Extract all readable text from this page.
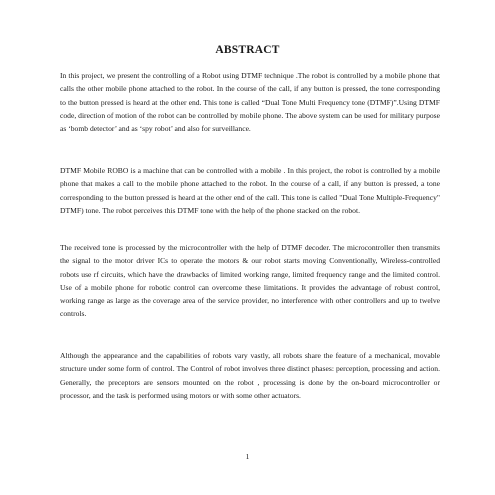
ABSTRACT

In this project, we present the controlling of a Robot using DTMF technique .The robot is controlled by a mobile phone that calls the other mobile phone attached to the robot. In the course of the call, if any button is pressed, the tone corresponding to the button pressed is heard at the other end. This tone is called “Dual Tone Multi Frequency tone (DTMF)”.Using DTMF code, direction of motion of the robot can be controlled by mobile phone. The above system can be used for military purpose as ‘bomb detector’ and as ‘spy robot’ and also for surveillance.

DTMF Mobile ROBO is a machine that can be controlled with a mobile . In this project, the robot is controlled by a mobile phone that makes a call to the mobile phone attached to the robot. In the course of a call, if any button is pressed, a tone corresponding to the button pressed is heard at the other end of the call. This tone is called "Dual Tone Multiple-Frequency" DTMF) tone. The robot perceives this DTMF tone with the help of the phone stacked on the robot.

The received tone is processed by the microcontroller with the help of DTMF decoder. The microcontroller then transmits the signal to the motor driver ICs to operate the motors & our robot starts moving Conventionally, Wireless-controlled robots use rf circuits, which have the drawbacks of limited working range, limited frequency range and the limited control. Use of a mobile phone for robotic control can overcome these limitations. It provides the advantage of robust control, working range as large as the coverage area of the service provider, no interference with other controllers and up to twelve controls.

Although the appearance and the capabilities of robots vary vastly, all robots share the feature of a mechanical, movable structure under some form of control. The Control of robot involves three distinct phases: perception, processing and action. Generally, the preceptors are sensors mounted on the robot , processing is done by the on-board microcontroller or processor, and the task is performed using motors or with some other actuators.

1
